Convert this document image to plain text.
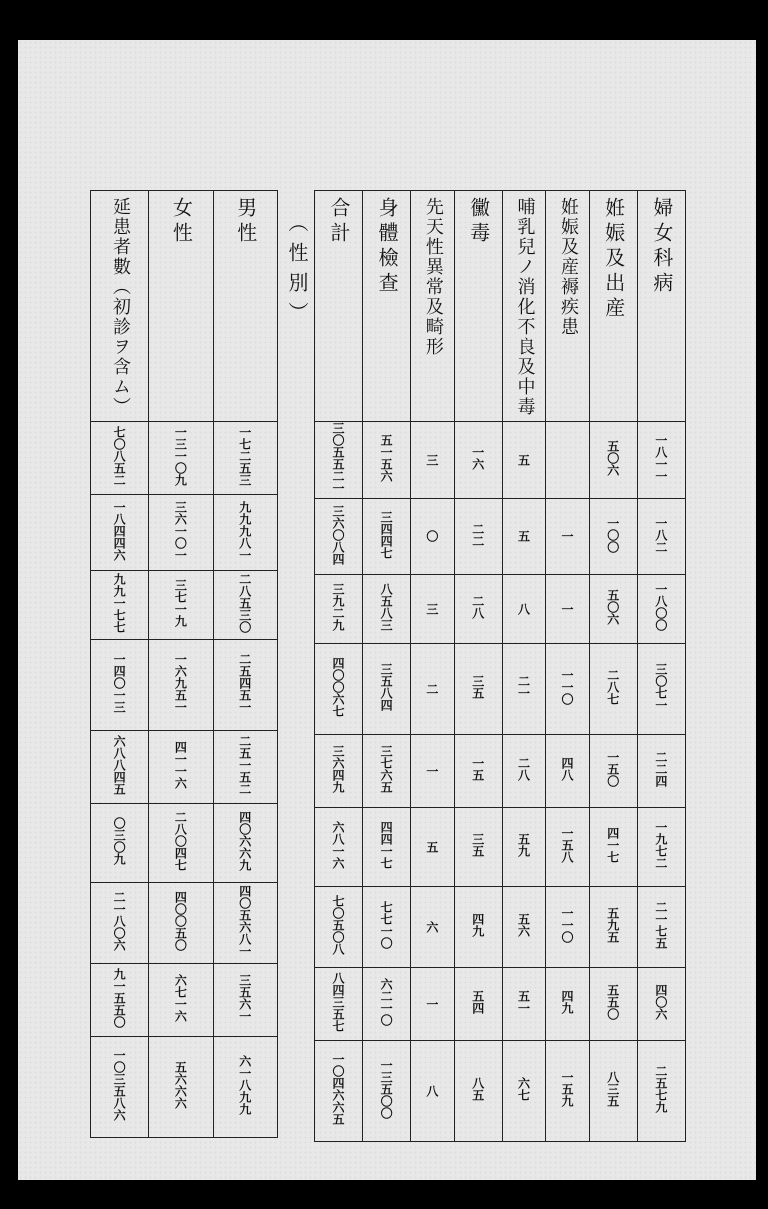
合計	身體檢查	先天性異常及畸形	黴毒	哺乳兒ノ消化不良及中毒	姙娠及産褥疾患	姙娠及出産	婦女科病
三〇五五二一	五一五六	三	一六	五		五〇六	一八一一
三六〇八四	三四四七	〇	二二	五	一	一〇〇	一八二
三九二九	八五八三	三	二八	八	一	五〇六	一八〇〇
四〇〇六七	三五八四	二	三五	二一	一一〇	二八七	三〇七一
三六四九	三七六五	一	一五	二八	四八	一五〇	二二四
六八一六	四四一七	五	三五	五九	一五八	四一七	一九七二
七〇五〇八	七七一〇	六	四九	五六	一一〇	五九五	二一七五
八四三五七	六二一〇	一	五四	五一	四九	五五〇	四〇六
一〇四六六五	一三五〇〇	八	八五	六七	一五九	八三五	二五七九
（性別）
延患者數（初診ヲ含ム）	女性	男性
七〇八五二	一三一〇九	一七二五三
一八四四六	三六一〇一	九九九八一
九九一七七	三七一九	二八五三〇
一四〇一三	一六九五一	二五四五一
六八八四五	四一一六	二五一五二
〇三〇九	二八〇四七	四〇六六九
二一八〇六	四〇〇五〇	四〇五六八一
九一五五〇	六七一六	三五六一
一〇三五八六	五六六六	六一八九九
